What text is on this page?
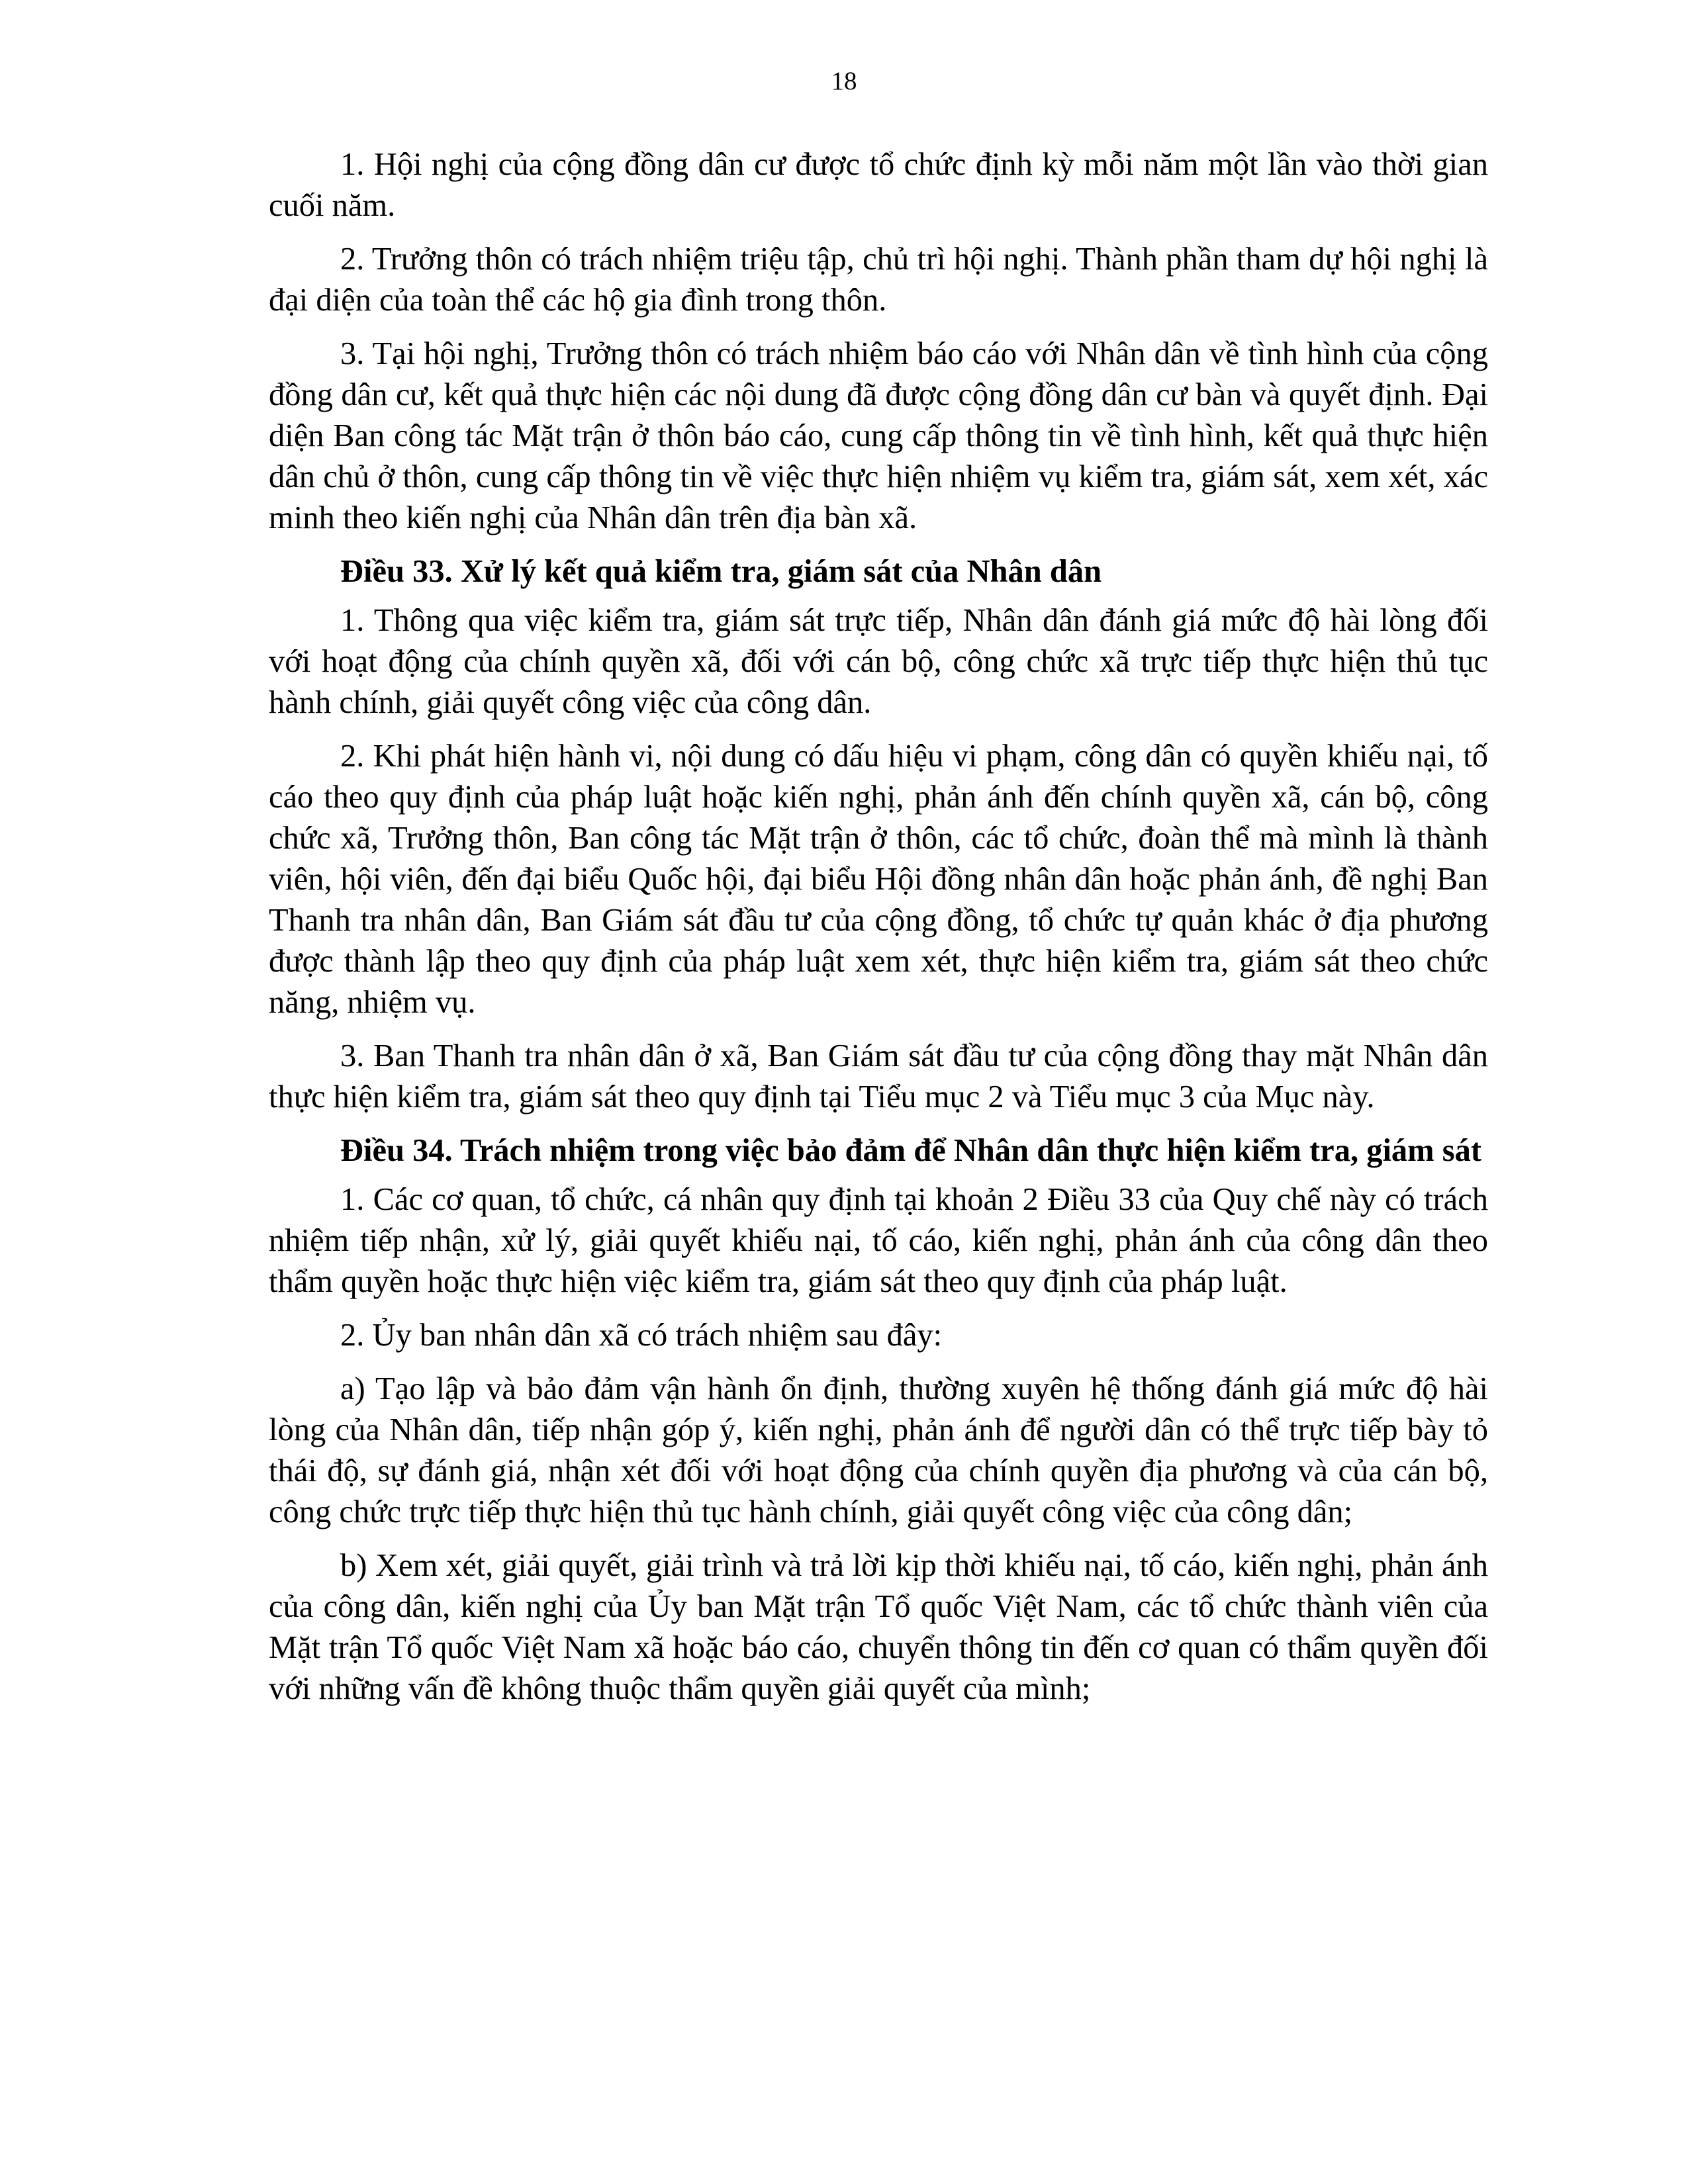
18

1. Hội nghị của cộng đồng dân cư được tổ chức định kỳ mỗi năm một lần vào thời gian cuối năm.

2. Trưởng thôn có trách nhiệm triệu tập, chủ trì hội nghị. Thành phần tham dự hội nghị là đại diện của toàn thể các hộ gia đình trong thôn.

3. Tại hội nghị, Trưởng thôn có trách nhiệm báo cáo với Nhân dân về tình hình của cộng đồng dân cư, kết quả thực hiện các nội dung đã được cộng đồng dân cư bàn và quyết định. Đại diện Ban công tác Mặt trận ở thôn báo cáo, cung cấp thông tin về tình hình, kết quả thực hiện dân chủ ở thôn, cung cấp thông tin về việc thực hiện nhiệm vụ kiểm tra, giám sát, xem xét, xác minh theo kiến nghị của Nhân dân trên địa bàn xã.

Điều 33. Xử lý kết quả kiểm tra, giám sát của Nhân dân

1. Thông qua việc kiểm tra, giám sát trực tiếp, Nhân dân đánh giá mức độ hài lòng đối với hoạt động của chính quyền xã, đối với cán bộ, công chức xã trực tiếp thực hiện thủ tục hành chính, giải quyết công việc của công dân.

2. Khi phát hiện hành vi, nội dung có dấu hiệu vi phạm, công dân có quyền khiếu nại, tố cáo theo quy định của pháp luật hoặc kiến nghị, phản ánh đến chính quyền xã, cán bộ, công chức xã, Trưởng thôn, Ban công tác Mặt trận ở thôn, các tổ chức, đoàn thể mà mình là thành viên, hội viên, đến đại biểu Quốc hội, đại biểu Hội đồng nhân dân hoặc phản ánh, đề nghị Ban Thanh tra nhân dân, Ban Giám sát đầu tư của cộng đồng, tổ chức tự quản khác ở địa phương được thành lập theo quy định của pháp luật xem xét, thực hiện kiểm tra, giám sát theo chức năng, nhiệm vụ.

3. Ban Thanh tra nhân dân ở xã, Ban Giám sát đầu tư của cộng đồng thay mặt Nhân dân thực hiện kiểm tra, giám sát theo quy định tại Tiểu mục 2 và Tiểu mục 3 của Mục này.

Điều 34. Trách nhiệm trong việc bảo đảm để Nhân dân thực hiện kiểm tra, giám sát

1. Các cơ quan, tổ chức, cá nhân quy định tại khoản 2 Điều 33 của Quy chế này có trách nhiệm tiếp nhận, xử lý, giải quyết khiếu nại, tố cáo, kiến nghị, phản ánh của công dân theo thẩm quyền hoặc thực hiện việc kiểm tra, giám sát theo quy định của pháp luật.

2. Ủy ban nhân dân xã có trách nhiệm sau đây:

a) Tạo lập và bảo đảm vận hành ổn định, thường xuyên hệ thống đánh giá mức độ hài lòng của Nhân dân, tiếp nhận góp ý, kiến nghị, phản ánh để người dân có thể trực tiếp bày tỏ thái độ, sự đánh giá, nhận xét đối với hoạt động của chính quyền địa phương và của cán bộ, công chức trực tiếp thực hiện thủ tục hành chính, giải quyết công việc của công dân;

b) Xem xét, giải quyết, giải trình và trả lời kịp thời khiếu nại, tố cáo, kiến nghị, phản ánh của công dân, kiến nghị của Ủy ban Mặt trận Tổ quốc Việt Nam, các tổ chức thành viên của Mặt trận Tổ quốc Việt Nam xã hoặc báo cáo, chuyển thông tin đến cơ quan có thẩm quyền đối với những vấn đề không thuộc thẩm quyền giải quyết của mình;
